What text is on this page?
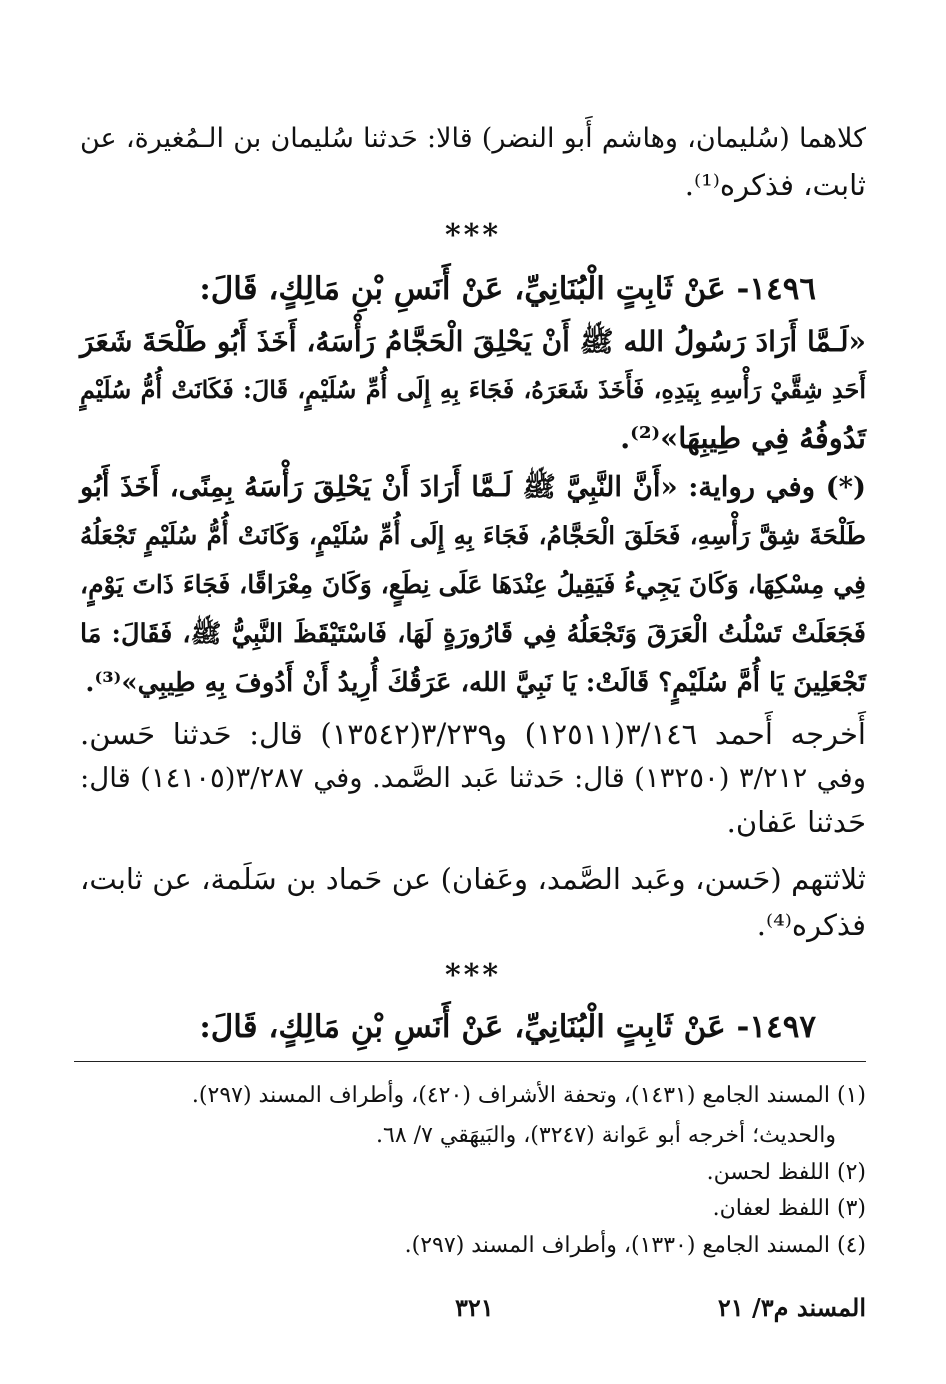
كلاهما (سُليمان، وهاشم أَبو النضر) قالا: حَدثنا سُليمان بن الـمُغيرة، عن
ثابت، فذكره⁽¹⁾.
***
١٤٩٦- عَنْ ثَابِتٍ الْبُنَانِيِّ، عَنْ أَنَسِ بْنِ مَالِكٍ، قَالَ:
«لَـمَّا أَرَادَ رَسُولُ الله ﷺ أَنْ يَحْلِقَ الْحَجَّامُ رَأْسَهُ، أَخَذَ أَبُو طَلْحَةَ شَعَرَ
أَحَدِ شِقَّيْ رَأْسِهِ بِيَدِهِ، فَأَخَذَ شَعَرَهُ، فَجَاءَ بِهِ إِلَى أُمِّ سُلَيْمٍ، قَالَ: فَكَانَتْ أُمُّ سُلَيْمٍ
تَدُوفُهُ فِي طِيبِهَا»⁽²⁾.
(*) وفي رواية: «أَنَّ النَّبِيَّ ﷺ لَـمَّا أَرَادَ أَنْ يَحْلِقَ رَأْسَهُ بِمِنًى، أَخَذَ أَبُو
طَلْحَةَ شِقَّ رَأْسِهِ، فَحَلَقَ الْحَجَّامُ، فَجَاءَ بِهِ إِلَى أُمِّ سُلَيْمٍ، وَكَانَتْ أُمُّ سُلَيْمٍ تَجْعَلُهُ
فِي مِسْكِهَا، وَكَانَ يَجِيءُ فَيَقِيلُ عِنْدَهَا عَلَى نِطَعٍ، وَكَانَ مِعْرَاقًا، فَجَاءَ ذَاتَ يَوْمٍ،
فَجَعَلَتْ تَسْلُتُ الْعَرَقَ وَتَجْعَلُهُ فِي قَارُورَةٍ لَهَا، فَاسْتَيْقَظَ النَّبِيُّ ﷺ، فَقَالَ: مَا
تَجْعَلِينَ يَا أُمَّ سُلَيْمٍ؟ قَالَتْ: يَا نَبِيَّ الله، عَرَقُكَ أُرِيدُ أَنْ أَدُوفَ بِهِ طِيبِي»⁽³⁾.
أَخرجه أَحمد ٣/١٤٦(١٢٥١١) و٣/٢٣٩(١٣٥٤٢) قال: حَدثنا حَسن.
وفي ٣/٢١٢ (١٣٢٥٠) قال: حَدثنا عَبد الصَّمد. وفي ٣/٢٨٧(١٤١٠٥) قال:
حَدثنا عَفان.
ثلاثتهم (حَسن، وعَبد الصَّمد، وعَفان) عن حَماد بن سَلَمة، عن ثابت،
فذكره⁽⁴⁾.
***
١٤٩٧- عَنْ ثَابِتٍ الْبُنَانِيِّ، عَنْ أَنَسِ بْنِ مَالِكٍ، قَالَ:
(١) المسند الجامع (١٤٣١)، وتحفة الأشراف (٤٢٠)، وأطراف المسند (٢٩٧).
والحديث؛ أخرجه أبو عَوانة (٣٢٤٧)، والبَيهَقي ٧/ ٦٨.
(٢) اللفظ لحسن.
(٣) اللفظ لعفان.
(٤) المسند الجامع (١٣٣٠)، وأطراف المسند (٢٩٧).
٣٢١	المسند م٣/ ٢١
